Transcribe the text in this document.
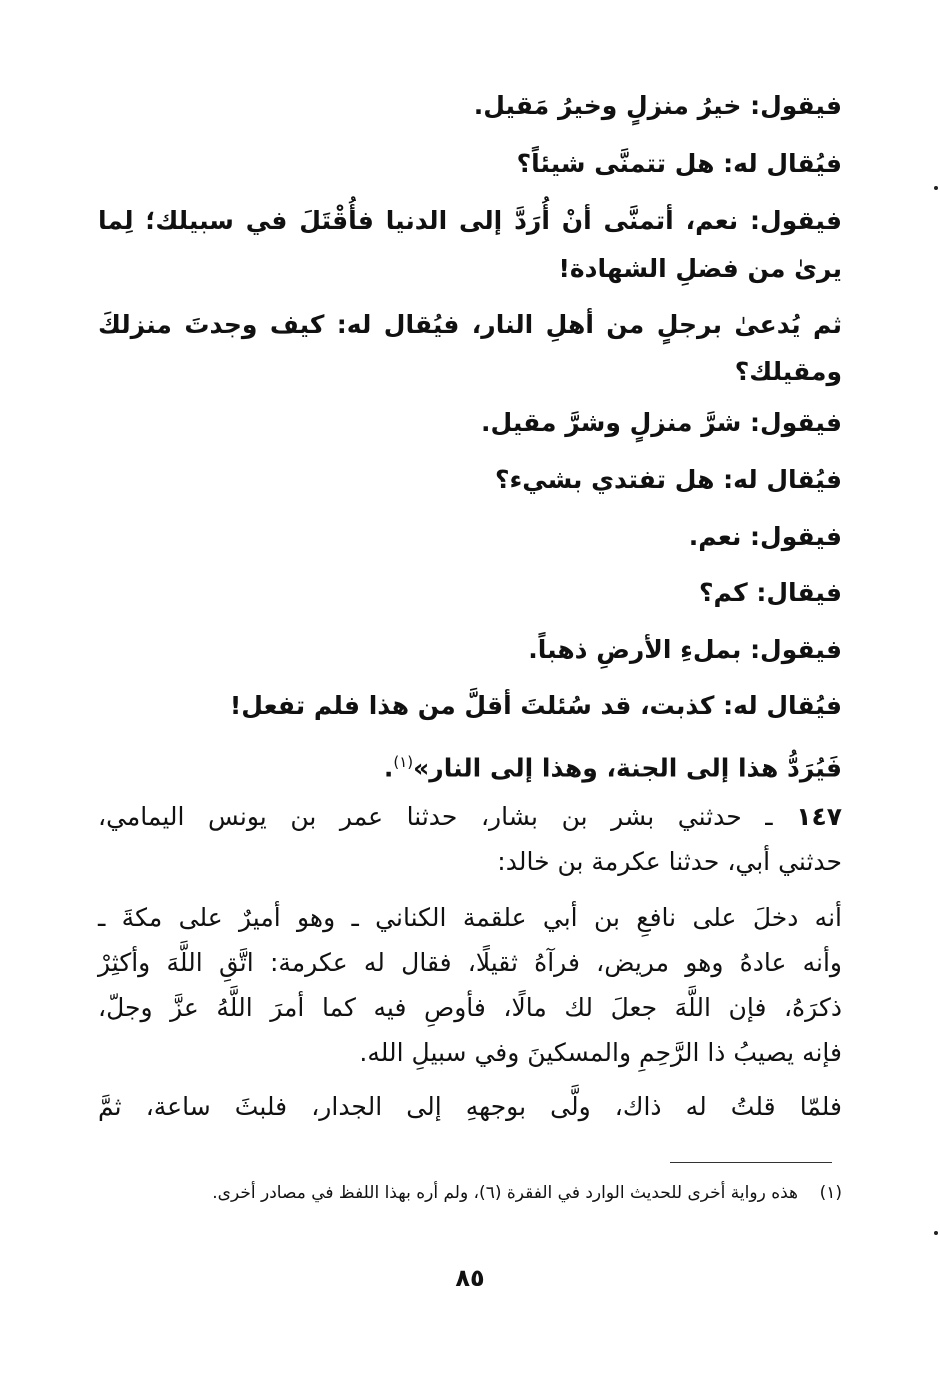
فيقول: خيرُ منزلٍ وخيرُ مَقيل.
فيُقال له: هل تتمنَّى شيئاً؟
فيقول: نعم، أتمنَّى أنْ أُرَدَّ إلى الدنيا فأُقْتَلَ في سبيلك؛ لِما
يرىٰ من فضلِ الشهادة!
ثم يُدعىٰ برجلٍ من أهلِ النار، فيُقال له: كيف وجدتَ منزلكَ
ومقيلك؟
فيقول: شرَّ منزلٍ وشرَّ مقيل.
فيُقال له: هل تفتدي بشيء؟
فيقول: نعم.
فيقال: كم؟
فيقول: بملءِ الأرضِ ذهباً.
فيُقال له: كذبت، قد سُئلتَ أقلَّ من هذا فلم تفعل!
فَيُرَدُّ هذا إلى الجنة، وهذا إلى النار»$^{(١)}$.
١٤٧ ـ حدثني بشر بن بشار، حدثنا عمر بن يونس اليمامي،
حدثني أبي، حدثنا عكرمة بن خالد:
أنه دخلَ على نافعِ بن أبي علقمة الكناني ـ وهو أميرٌ على مكةَ ـ
وأنه عادهُ وهو مريض، فرآهُ ثقيلًا، فقال له عكرمة: اتَّقِ اللَّهَ وأكثِرْ
ذكرَهُ، فإن اللَّهَ جعلَ لك مالًا، فأوصِ فيه كما أمرَ اللَّهُ عزَّ وجلّ،
فإنه يصيبُ ذا الرَّحِمِ والمسكينَ وفي سبيلِ الله.
فلمّا قلتُ له ذاك، ولَّى بوجههِ إلى الجدار، فلبثَ ساعة، ثمَّ
(١)
هذه رواية أخرى للحديث الوارد في الفقرة (٦)، ولم أره بهذا اللفظ في مصادر أخرى.
٨٥
